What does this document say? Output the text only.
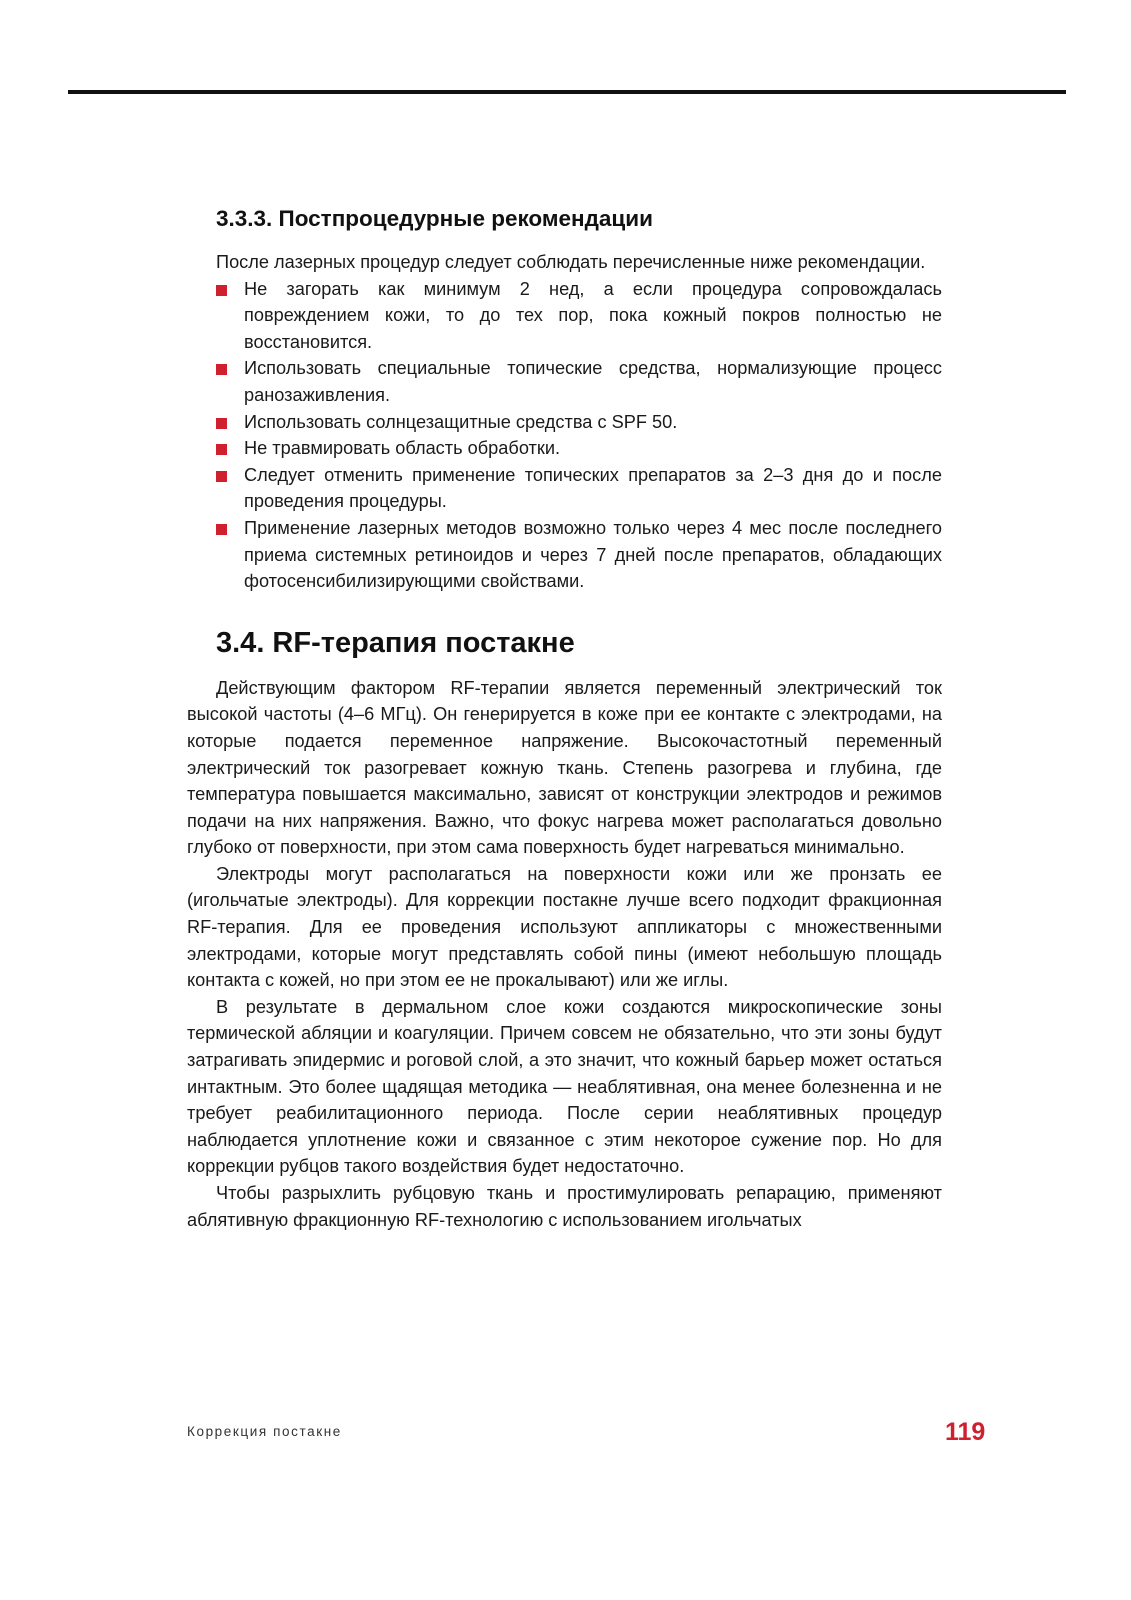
3.3.3. Постпроцедурные рекомендации

После лазерных процедур следует соблюдать перечисленные ниже рекомендации.

Не загорать как минимум 2 нед, а если процедура сопровождалась повреждением кожи, то до тех пор, пока кожный покров полностью не восстановится.
Использовать специальные топические средства, нормализующие процесс ранозаживления.
Использовать солнцезащитные средства с SPF 50.
Не травмировать область обработки.
Следует отменить применение топических препаратов за 2–3 дня до и после проведения процедуры.
Применение лазерных методов возможно только через 4 мес после последнего приема системных ретиноидов и через 7 дней после препаратов, обладающих фотосенсибилизирующими свойствами.
3.4. RF-терапия постакне

Действующим фактором RF-терапии является переменный электрический ток высокой частоты (4–6 МГц). Он генерируется в коже при ее контакте с электродами, на которые подается переменное напряжение. Высокочастотный переменный электрический ток разогревает кожную ткань. Степень разогрева и глубина, где температура повышается максимально, зависят от конструкции электродов и режимов подачи на них напряжения. Важно, что фокус нагрева может располагаться довольно глубоко от поверхности, при этом сама поверхность будет нагреваться минимально.

Электроды могут располагаться на поверхности кожи или же пронзать ее (игольчатые электроды). Для коррекции постакне лучше всего подходит фракционная RF-терапия. Для ее проведения используют аппликаторы с множественными электродами, которые могут представлять собой пины (имеют небольшую площадь контакта с кожей, но при этом ее не прокалывают) или же иглы.

В результате в дермальном слое кожи создаются микроскопические зоны термической абляции и коагуляции. Причем совсем не обязательно, что эти зоны будут затрагивать эпидермис и роговой слой, а это значит, что кожный барьер может остаться интактным. Это более щадящая методика — неаблятивная, она менее болезненна и не требует реабилитационного периода. После серии неаблятивных процедур наблюдается уплотнение кожи и связанное с этим некоторое сужение пор. Но для коррекции рубцов такого воздействия будет недостаточно.

Чтобы разрыхлить рубцовую ткань и простимулировать репарацию, применяют аблятивную фракционную RF-технологию с использованием игольчатых

Коррекция постакне	119
